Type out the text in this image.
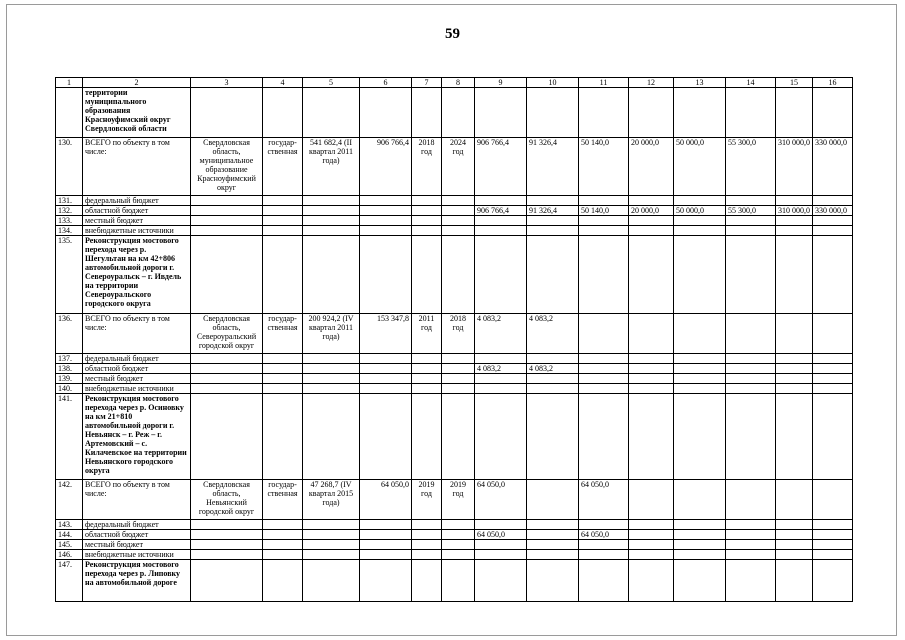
59
1	2	3	4	5	6	7	8	9	10	11	12	13	14	15	16
	территории муниципального образования Красноуфимский округ Свердловской области														
130.	ВСЕГО по объекту в том числе:	Свердловская область, муниципальное образование Красноуфимский округ	государ-ственная	541 682,4 (II квартал 2011 года)	906 766,4	2018 год	2024 год	906 766,4	91 326,4	50 140,0	20 000,0	50 000,0	55 300,0	310 000,0	330 000,0
131.	федеральный бюджет														
132.	областной бюджет							906 766,4	91 326,4	50 140,0	20 000,0	50 000,0	55 300,0	310 000,0	330 000,0
133.	местный бюджет														
134.	внебюджетные источники														
135.	Реконструкция мостового перехода через р. Шегультан на км 42+806 автомобильной дороги г. Североуральск – г. Ивдель на территории Североуральского городского округа														
136.	ВСЕГО по объекту в том числе:	Свердловская область, Североуральский городской округ	государ-ственная	200 924,2 (IV квартал 2011 года)	153 347,8	2011 год	2018 год	4 083,2	4 083,2						
137.	федеральный бюджет														
138.	областной бюджет							4 083,2	4 083,2						
139.	местный бюджет														
140.	внебюджетные источники														
141.	Реконструкция мостового перехода через р. Осиновку на км 21+810 автомобильной дороги г. Невьянск – г. Реж – г. Артемовский – с. Килачевское на территории Невьянского городского округа														
142.	ВСЕГО по объекту в том числе:	Свердловская область, Невьянский городской округ	государ-ственная	47 268,7 (IV квартал 2015 года)	64 050,0	2019 год	2019 год	64 050,0		64 050,0					
143.	федеральный бюджет														
144.	областной бюджет							64 050,0		64 050,0					
145.	местный бюджет														
146.	внебюджетные источники														
147.	Реконструкция мостового перехода через р. Липовку на автомобильной дороге														
